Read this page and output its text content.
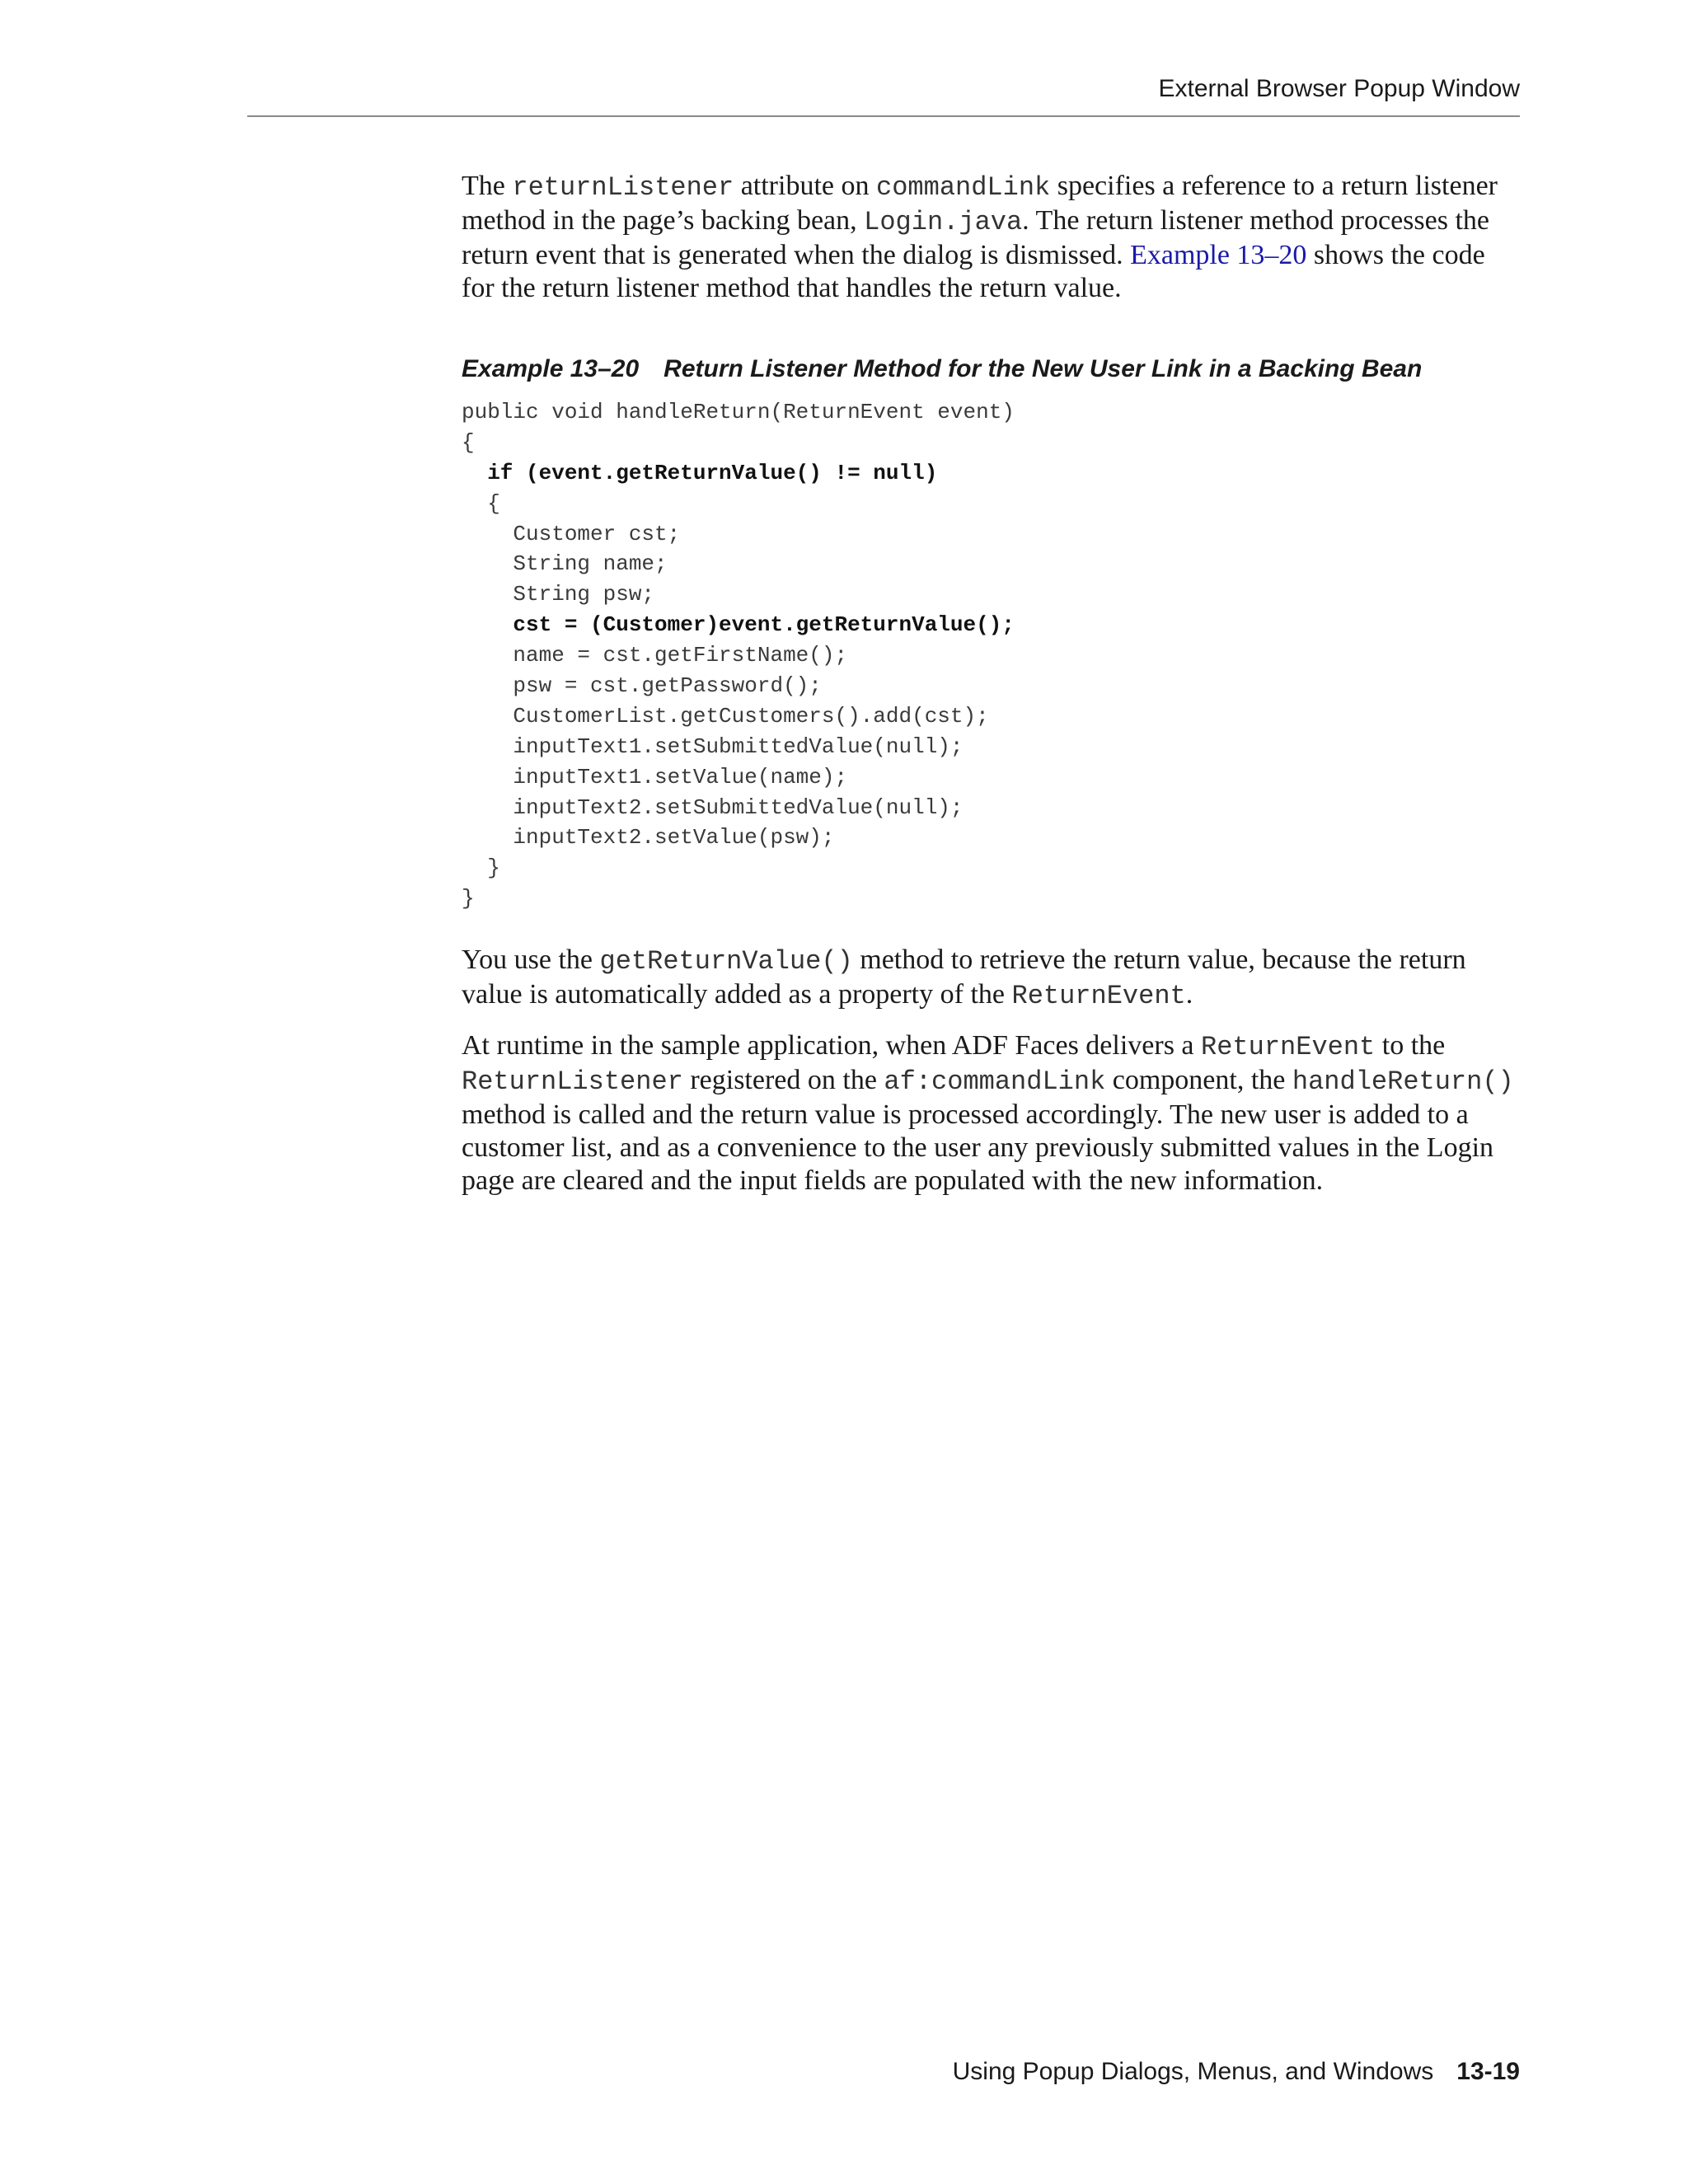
External Browser Popup Window

The returnListener attribute on commandLink specifies a reference to a return listener method in the page’s backing bean, Login.java. The return listener method processes the return event that is generated when the dialog is dismissed. Example 13–20 shows the code for the return listener method that handles the return value.

Example 13–20 Return Listener Method for the New User Link in a Backing Bean
public void handleReturn(ReturnEvent event)
{
if (event.getReturnValue() != null)
{
Customer cst;
String name;
String psw;
cst = (Customer)event.getReturnValue();
name = cst.getFirstName();
psw = cst.getPassword();
CustomerList.getCustomers().add(cst);
inputText1.setSubmittedValue(null);
inputText1.setValue(name);
inputText2.setSubmittedValue(null);
inputText2.setValue(psw);
}
}

You use the getReturnValue() method to retrieve the return value, because the return value is automatically added as a property of the ReturnEvent.

At runtime in the sample application, when ADF Faces delivers a ReturnEvent to the ReturnListener registered on the af:commandLink component, the handleReturn() method is called and the return value is processed accordingly. The new user is added to a customer list, and as a convenience to the user any previously submitted values in the Login page are cleared and the input fields are populated with the new information.

Using Popup Dialogs, Menus, and Windows 13-19
